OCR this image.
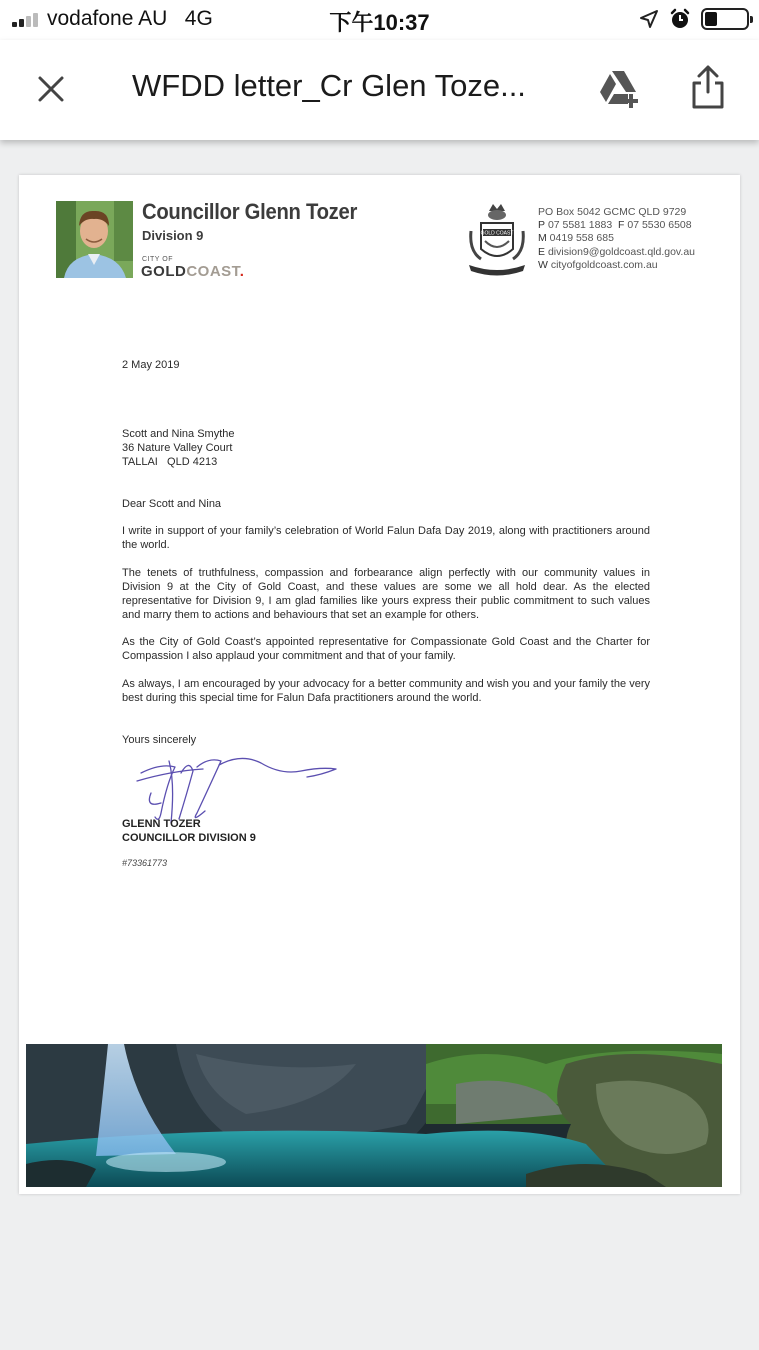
vodafone AU 4G	下午10:37
WFDD letter_Cr Glen Toze...
Councillor Glenn Tozer
Division 9
CITY OF
GOLDCOAST.
GOLD COAST
PO Box 5042 GCMC QLD 9729
P 07 5581 1883 F 07 5530 6508
M 0419 558 685
E division9@goldcoast.qld.gov.au
W cityofgoldcoast.com.au
2 May 2019
Scott and Nina Smythe
36 Nature Valley Court
TALLAI   QLD 4213
Dear Scott and Nina
I write in support of your family’s celebration of World Falun Dafa Day 2019, along with practitioners around the world.
The tenets of truthfulness, compassion and forbearance align perfectly with our community values in Division 9 at the City of Gold Coast, and these values are some we all hold dear. As the elected representative for Division 9, I am glad families like yours express their public commitment to such values and marry them to actions and behaviours that set an example for others.
As the City of Gold Coast’s appointed representative for Compassionate Gold Coast and the Charter for Compassion I also applaud your commitment and that of your family.
As always, I am encouraged by your advocacy for a better community and wish you and your family the very best during this special time for Falun Dafa practitioners around the world.
Yours sincerely
GLENN TOZER
COUNCILLOR DIVISION 9
#73361773
